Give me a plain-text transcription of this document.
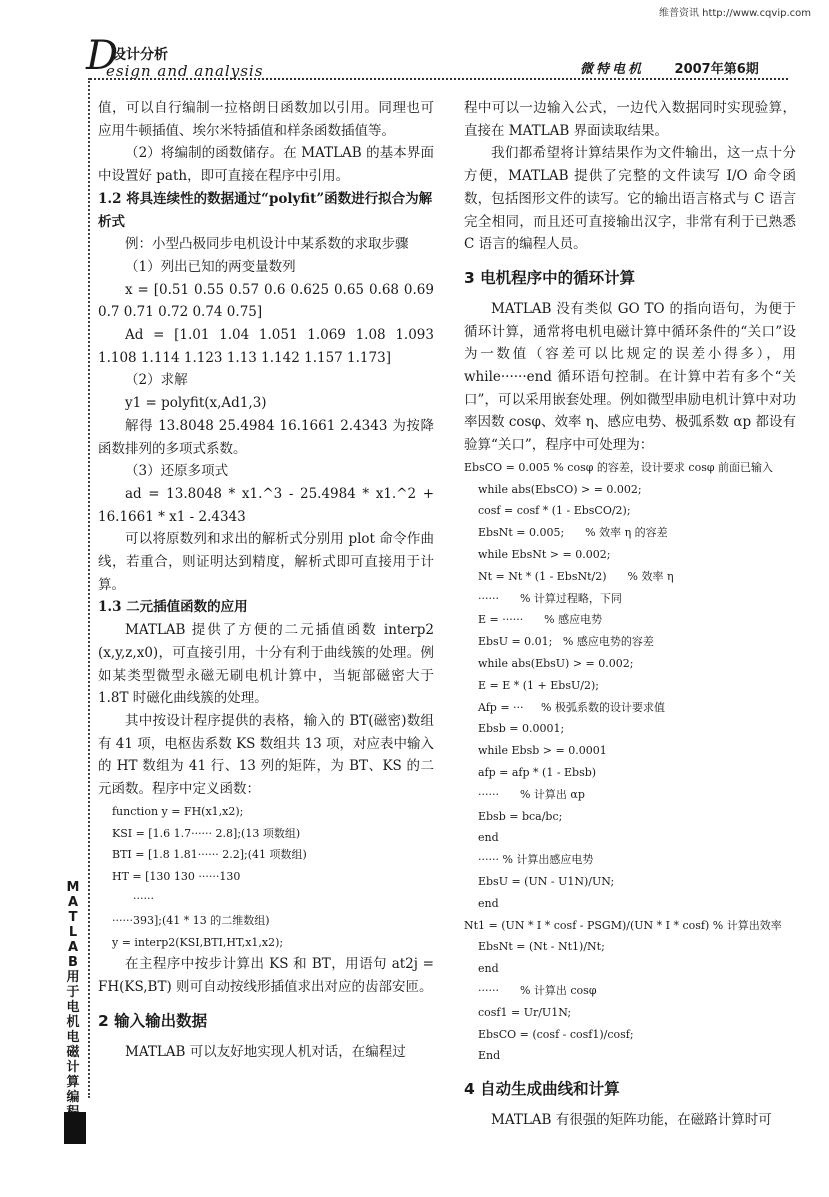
维普资讯 http://www.cqvip.com
D
设计分析
esign and analysis	微特电机 2007年第6期
M
A
T
L
A
B
用
于
电
机
电
磁
计
算
编

值，可以自行编制一拉格朗日函数加以引用。同理也可应用牛顿插值、埃尔米特插值和样条函数插值等。

（2）将编制的函数储存。在 MATLAB 的基本界面中设置好 path，即可直接在程序中引用。

1.2 将具连续性的数据通过“polyfit”函数进行拟合为解析式

例：小型凸极同步电机设计中某系数的求取步骤

（1）列出已知的两变量数列

x = [0.51 0.55 0.57 0.6 0.625 0.65 0.68 0.69 0.7 0.71 0.72 0.74 0.75]

Ad = [1.01 1.04 1.051 1.069 1.08 1.093 1.108 1.114 1.123 1.13 1.142 1.157 1.173]

（2）求解

y1 = polyfit(x,Ad1,3)

解得 13.8048 25.4984 16.1661 2.4343 为按降函数排列的多项式系数。

（3）还原多项式

ad = 13.8048 * x1.^3 - 25.4984 * x1.^2 + 16.1661 * x1 - 2.4343

可以将原数列和求出的解析式分别用 plot 命令作曲线，若重合，则证明达到精度，解析式即可直接用于计算。

1.3 二元插值函数的应用

MATLAB 提供了方便的二元插值函数 interp2 (x,y,z,x0)，可直接引用，十分有利于曲线簇的处理。例如某类型微型永磁无刷电机计算中，当轭部磁密大于 1.8T 时磁化曲线簇的处理。

其中按设计程序提供的表格，输入的 BT(磁密)数组有 41 项，电枢齿系数 KS 数组共 13 项，对应表中输入的 HT 数组为 41 行、13 列的矩阵，为 BT、KS 的二元函数。程序中定义函数：

function y = FH(x1,x2);

KSI = [1.6 1.7······ 2.8];(13 项数组)

BTI = [1.8 1.81······ 2.2];(41 项数组)

HT = [130 130 ······130

······

······393];(41 * 13 的二维数组)

y = interp2(KSI,BTI,HT,x1,x2);

在主程序中按步计算出 KS 和 BT，用语句 at2j = FH(KS,BT) 则可自动按线形插值求出对应的齿部安匝。

2 输入输出数据

MATLAB 可以友好地实现人机对话，在编程过

程中可以一边输入公式，一边代入数据同时实现验算，直接在 MATLAB 界面读取结果。

我们都希望将计算结果作为文件输出，这一点十分方便，MATLAB 提供了完整的文件读写 I/O 命令函数，包括图形文件的读写。它的输出语言格式与 C 语言完全相同，而且还可直接输出汉字，非常有利于已熟悉 C 语言的编程人员。

3 电机程序中的循环计算

MATLAB 没有类似 GO TO 的指向语句，为便于循环计算，通常将电机电磁计算中循环条件的“关口”设为一数值（容差可以比规定的误差小得多），用 while······end 循环语句控制。在计算中若有多个“关口”，可以采用嵌套处理。例如微型串励电机计算中对功率因数 cosφ、效率 η、感应电势、极弧系数 αp 都设有验算“关口”，程序中可处理为：

EbsCO = 0.005 % cosφ 的容差，设计要求 cosφ 前面已输入

while abs(EbsCO) > = 0.002;

cosf = cosf * (1 - EbsCO/2);

EbsNt = 0.005;      % 效率 η 的容差

while EbsNt > = 0.002;

Nt = Nt * (1 - EbsNt/2)      % 效率 η

······      % 计算过程略，下同

E = ······      % 感应电势

EbsU = 0.01;   % 感应电势的容差

while abs(EbsU) > = 0.002;

E = E * (1 + EbsU/2);

Afp = ···     % 极弧系数的设计要求值

Ebsb = 0.0001;

while Ebsb > = 0.0001

afp = afp * (1 - Ebsb)

······      % 计算出 αp

Ebsb = bca/bc;

end

······ % 计算出感应电势

EbsU = (UN - U1N)/UN;

end

Nt1 = (UN * I * cosf - PSGM)/(UN * I * cosf) % 计算出效率

EbsNt = (Nt - Nt1)/Nt;

end

······      % 计算出 cosφ

cosf1 = Ur/U1N;

EbsCO = (cosf - cosf1)/cosf;

End

4 自动生成曲线和计算

MATLAB 有很强的矩阵功能，在磁路计算时可
